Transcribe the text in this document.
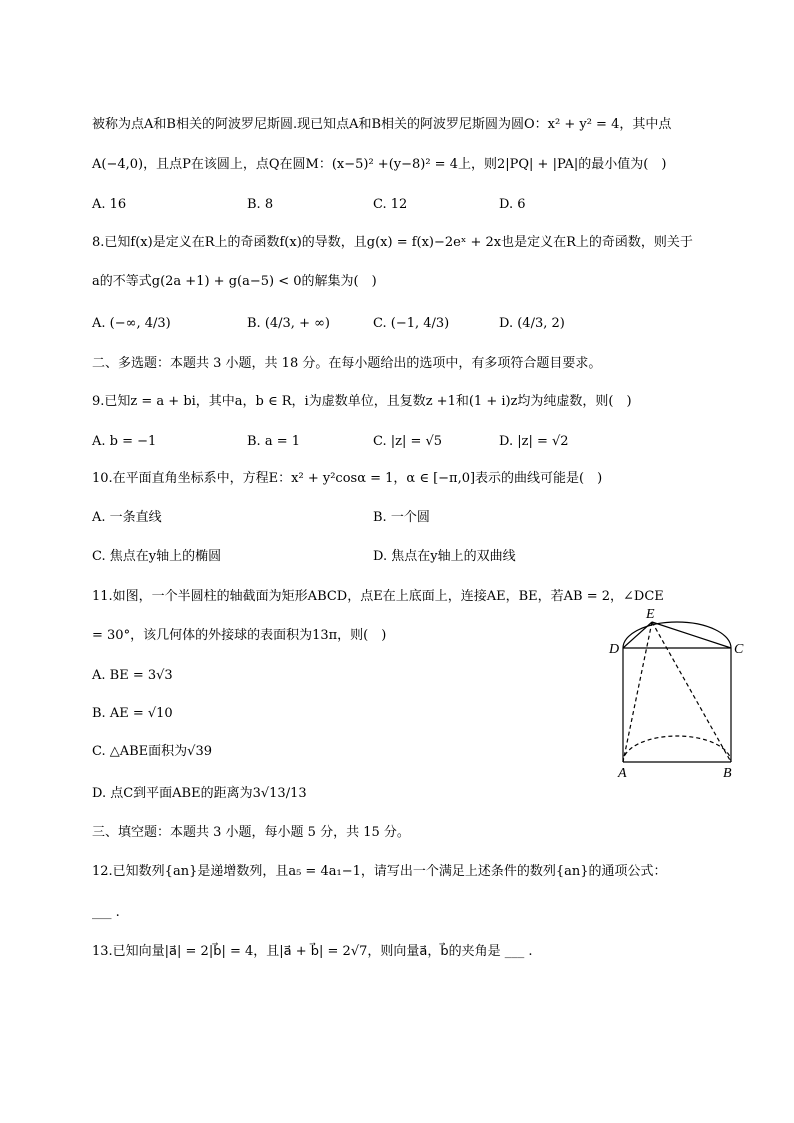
被称为点A和B相关的阿波罗尼斯圆.现已知点A和B相关的阿波罗尼斯圆为圆O：x² + y² = 4，其中点
A(−4,0)，且点P在该圆上，点Q在圆M：(x−5)² +(y−8)² = 4上，则2|PQ| + |PA|的最小值为(　)
A. 16	B. 8	C. 12	D. 6
8.已知f(x)是定义在R上的奇函数f(x)的导数，且g(x) = f(x)−2eˣ + 2x也是定义在R上的奇函数，则关于
a的不等式g(2a +1) + g(a−5) < 0的解集为(　)
A. (−∞, 4/3)	B. (4/3, + ∞)	C. (−1, 4/3)	D. (4/3, 2)
二、多选题：本题共 3 小题，共 18 分。在每小题给出的选项中，有多项符合题目要求。
9.已知z = a + bi，其中a，b ∈ R，i为虚数单位，且复数z +1和(1 + i)z均为纯虚数，则(　)
A. b = −1	B. a = 1	C. |z| = √5	D. |z| = √2
10.在平面直角坐标系中，方程E：x² + y²cosα = 1，α ∈ [−π,0]表示的曲线可能是(　)
A. 一条直线	B. 一个圆
C. 焦点在y轴上的椭圆	D. 焦点在y轴上的双曲线
11.如图，一个半圆柱的轴截面为矩形ABCD，点E在上底面上，连接AE，BE，若AB = 2，∠DCE
= 30°，该几何体的外接球的表面积为13π，则(　)
A. BE = 3√3
B. AE = √10
C. △ABE面积为√39
D. 点C到平面ABE的距离为3√13/13
E
D	C
A	B
三、填空题：本题共 3 小题，每小题 5 分，共 15 分。
12.已知数列{an}是递增数列，且a₅ = 4a₁−1，请写出一个满足上述条件的数列{an}的通项公式：
___ .
13.已知向量|a⃗| = 2|b⃗| = 4，且|a⃗ + b⃗| = 2√7，则向量a⃗，b⃗的夹角是 ___ .
